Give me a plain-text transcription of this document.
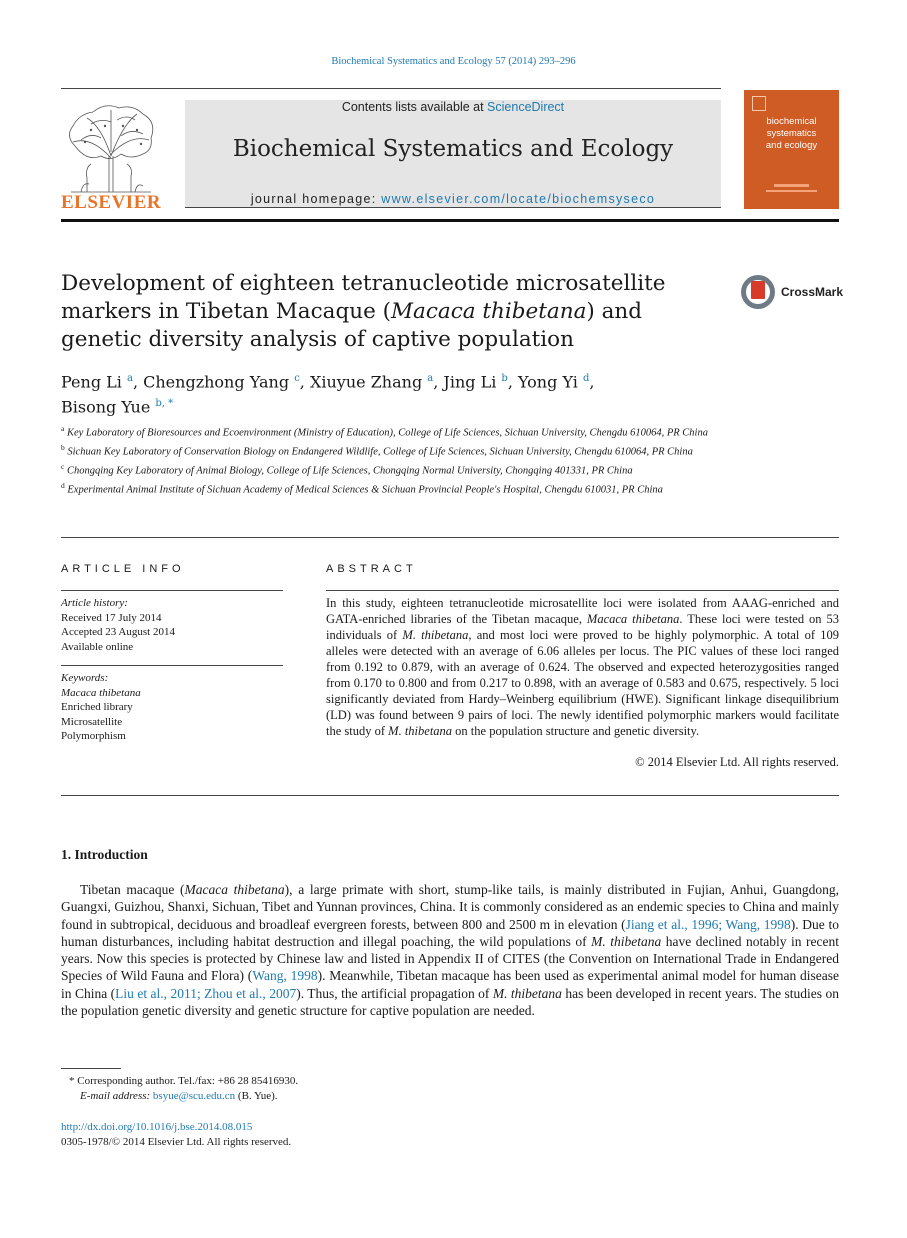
Biochemical Systematics and Ecology 57 (2014) 293–296
ELSEVIER
Contents lists available at ScienceDirect
Biochemical Systematics and Ecology
journal homepage: www.elsevier.com/locate/biochemsyseco
biochemical
systematics
and ecology
Development of eighteen tetranucleotide microsatellite markers in Tibetan Macaque (Macaca thibetana) and genetic diversity analysis of captive population
CrossMark
Peng Li $^a$, Chengzhong Yang $^c$, Xiuyue Zhang $^a$, Jing Li $^b$, Yong Yi $^d$,
Bisong Yue $^{b, *}$
$^a$ Key Laboratory of Bioresources and Ecoenvironment (Ministry of Education), College of Life Sciences, Sichuan University, Chengdu 610064, PR China
$^b$ Sichuan Key Laboratory of Conservation Biology on Endangered Wildlife, College of Life Sciences, Sichuan University, Chengdu 610064, PR China
$^c$ Chongqing Key Laboratory of Animal Biology, College of Life Sciences, Chongqing Normal University, Chongqing 401331, PR China
$^d$ Experimental Animal Institute of Sichuan Academy of Medical Sciences & Sichuan Provincial People's Hospital, Chengdu 610031, PR China
ARTICLE INFO	ABSTRACT
Article history:
Received 17 July 2014
Accepted 23 August 2014
Available online
Keywords:
Macaca thibetana
Enriched library
Microsatellite
Polymorphism
In this study, eighteen tetranucleotide microsatellite loci were isolated from AAAG-enriched and GATA-enriched libraries of the Tibetan macaque, Macaca thibetana. These loci were tested on 53 individuals of M. thibetana, and most loci were proved to be highly polymorphic. A total of 109 alleles were detected with an average of 6.06 alleles per locus. The PIC values of these loci ranged from 0.192 to 0.879, with an average of 0.624. The observed and expected heterozygosities ranged from 0.170 to 0.800 and from 0.217 to 0.898, with an average of 0.583 and 0.675, respectively. 5 loci significantly deviated from Hardy–Weinberg equilibrium (HWE). Significant linkage disequilibrium (LD) was found between 9 pairs of loci. The newly identified polymorphic markers would facilitate the study of M. thibetana on the population structure and genetic diversity.
© 2014 Elsevier Ltd. All rights reserved.
1. Introduction
Tibetan macaque (Macaca thibetana), a large primate with short, stump-like tails, is mainly distributed in Fujian, Anhui, Guangdong, Guangxi, Guizhou, Shanxi, Sichuan, Tibet and Yunnan provinces, China. It is commonly considered as an endemic species to China and mainly found in subtropical, deciduous and broadleaf evergreen forests, between 800 and 2500 m in elevation (Jiang et al., 1996; Wang, 1998). Due to human disturbances, including habitat destruction and illegal poaching, the wild populations of M. thibetana have declined notably in recent years. Now this species is protected by Chinese law and listed in Appendix II of CITES (the Convention on International Trade in Endangered Species of Wild Fauna and Flora) (Wang, 1998). Meanwhile, Tibetan macaque has been used as experimental animal model for human disease in China (Liu et al., 2011; Zhou et al., 2007). Thus, the artificial propagation of M. thibetana has been developed in recent years. The studies on the population genetic diversity and genetic structure for captive population are needed.
* Corresponding author. Tel./fax: +86 28 85416930.
E-mail address: bsyue@scu.edu.cn (B. Yue).
http://dx.doi.org/10.1016/j.bse.2014.08.015
0305-1978/© 2014 Elsevier Ltd. All rights reserved.
